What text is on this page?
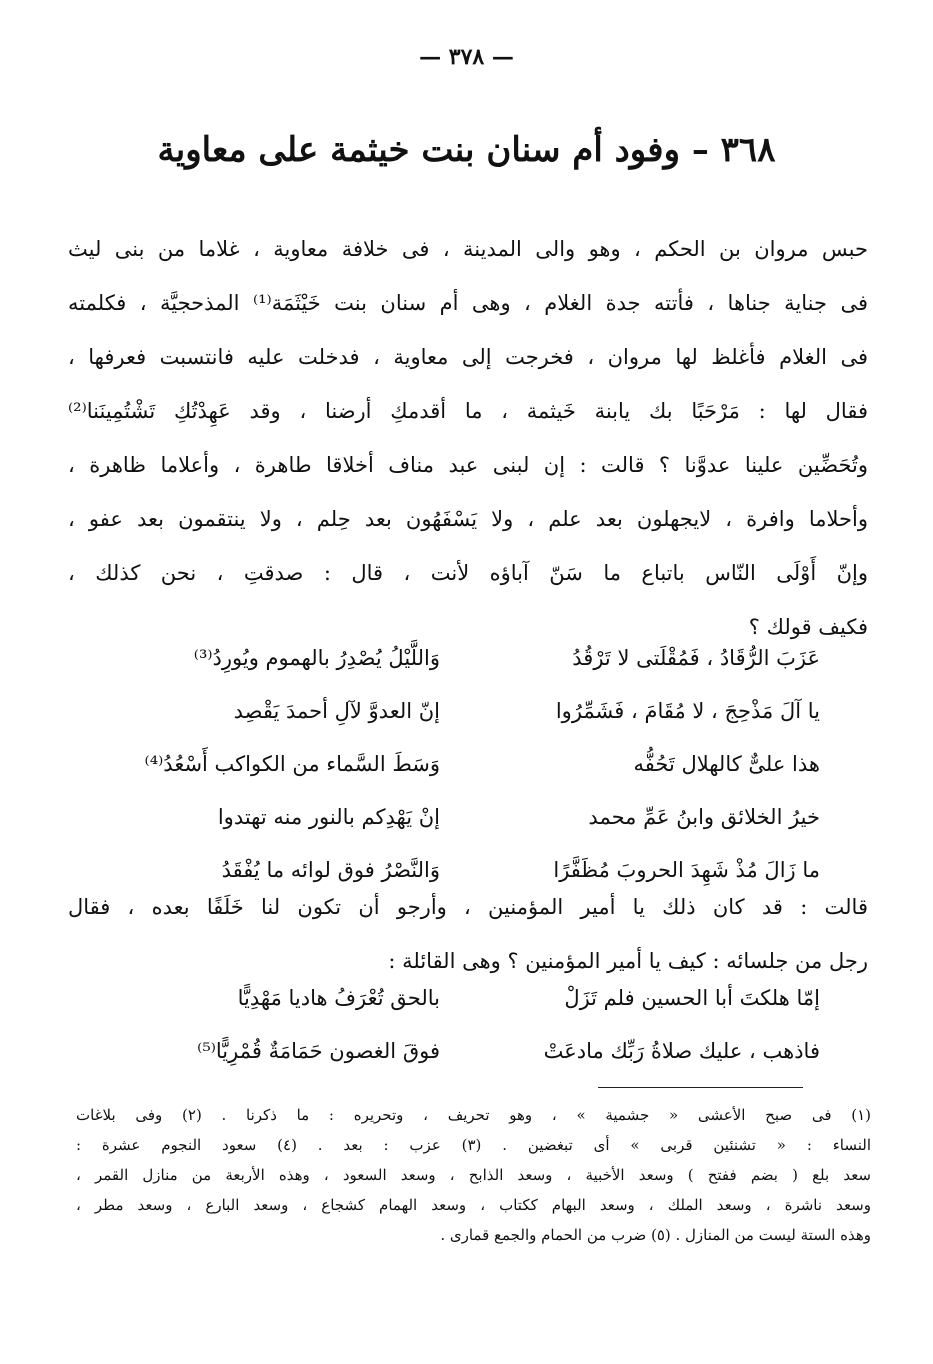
— ٣٧٨ —
٣٦٨ – وفود أم سنان بنت خيثمة على معاوية
حبس مروان بن الحكم ، وهو والى المدينة ، فى خلافة معاوية ، غلاما من بنى ليث
فى جناية جناها ، فأتته جدة الغلام ، وهى أم سنان بنت خَيْثَمَة⁽¹⁾ المذحجيَّة ، فكلمته
فى الغلام فأغلظ لها مروان ، فخرجت إلى معاوية ، فدخلت عليه فانتسبت فعرفها ،
فقال لها : مَرْحَبًا بك يابنة خَيثمة ، ما أقدمكِ أرضنا ، وقد عَهِدْتُكِ تَشْتُمِينَنا⁽²⁾
وتُحَضِّين علينا عدوَّنا ؟ قالت : إن لبنى عبد مناف أخلاقا طاهرة ، وأعلاما ظاهرة ،
وأحلاما وافرة ، لايجهلون بعد علم ، ولا يَسْفَهُون بعد حِلم ، ولا ينتقمون بعد عفو ،
وإنّ أَوْلَى النّاس باتباع ما سَنّ آباؤه لأنت ، قال : صدقتِ ، نحن كذلك ،
فكيف قولك ؟
عَزَبَ الرُّقَادُ ، فَمُقْلَتى لا تَرْقُدُ
وَاللَّيْلُ يُصْدِرُ بالهموم ويُورِدُ⁽³⁾
يا آلَ مَذْحِجَ ، لا مُقَامَ ، فَشَمِّرُوا
إنّ العدوَّ لآلِ أحمدَ يَقْصِد
هذا علىٌّ كالهلال تَحُفُّه
وَسَطَ السَّماء من الكواكب أَسْعُدُ⁽⁴⁾
خيرُ الخلائق وابنُ عَمِّ محمد
إنْ يَهْدِكم بالنور منه تهتدوا
ما زَالَ مُذْ شَهِدَ الحروبَ مُظَفَّرًا
وَالنَّصْرُ فوق لوائه ما يُفْقَدُ
قالت : قد كان ذلك يا أمير المؤمنين ، وأرجو أن تكون لنا خَلَفًا بعده ، فقال
رجل من جلسائه : كيف يا أمير المؤمنين ؟ وهى القائلة :
إمّا هلكتَ أبا الحسين فلم تَزَلْ
بالحق تُعْرَفُ هاديا مَهْدِيًّا
فاذهب ، عليك صلاةُ رَبِّك مادعَتْ
فوقَ الغصون حَمَامَةٌ قُمْرِيًّا⁽⁵⁾
(١) فى صبح الأعشى « جشمية » ، وهو تحريف ، وتحريره : ما ذكرنا . (٢) وفى بلاغات
النساء : « تشنئين قربى » أى تبغضين . (٣) عزب : بعد . (٤) سعود النجوم عشرة :
سعد بلع ( بضم ففتح ) وسعد الأخبية ، وسعد الذابح ، وسعد السعود ، وهذه الأربعة من منازل القمر ،
وسعد ناشرة ، وسعد الملك ، وسعد البهام ككتاب ، وسعد الهمام كشجاع ، وسعد البارع ، وسعد مطر ،
وهذه الستة ليست من المنازل . (٥) ضرب من الحمام والجمع قمارى .
